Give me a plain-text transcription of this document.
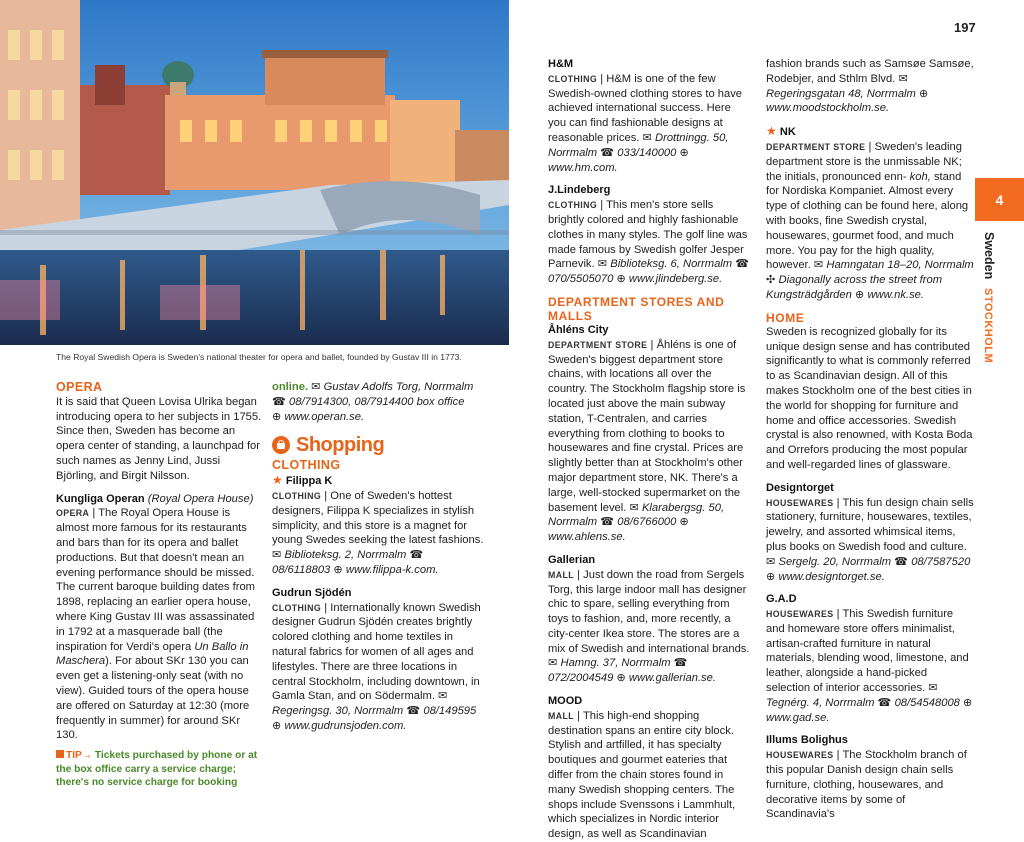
The Royal Swedish Opera is Sweden's national theater for opera and ballet, founded by Gustav III in 1773.
197
4
Sweden STOCKHOLM
OPERA

It is said that Queen Lovisa Ulrika began introducing opera to her subjects in 1755. Since then, Sweden has become an opera center of standing, a launchpad for such names as Jenny Lind, Jussi Björling, and Birgit Nilsson.

Kungliga Operan (Royal Opera House)
OPERA | The Royal Opera House is almost more famous for its restaurants and bars than for its opera and ballet productions. But that doesn't mean an evening performance should be missed. The current baroque building dates from 1898, replacing an earlier opera house, where King Gustav III was assassinated in 1792 at a masquerade ball (the inspiration for Verdi's opera Un Ballo in Maschera). For about SKr 130 you can even get a listening-only seat (with no view). Guided tours of the opera house are offered on Saturday at 12:30 (more frequently in summer) for around SKr 130.

TIP→ Tickets purchased by phone or at the box office carry a service charge; there's no service charge for booking

online. ✉ Gustav Adolfs Torg, Norrmalm
☎ 08/7914300, 08/7914400 box office
⊕ www.operan.se.

Shopping
CLOTHING

★ Filippa K
CLOTHING | One of Sweden's hottest designers, Filippa K specializes in stylish simplicity, and this store is a magnet for young Swedes seeking the latest fashions. ✉ Biblioteksg. 2, Norrmalm ☎ 08/6118803 ⊕ www.filippa-k.com.

Gudrun Sjödén
CLOTHING | Internationally known Swedish designer Gudrun Sjödén creates brightly colored clothing and home textiles in natural fabrics for women of all ages and lifestyles. There are three locations in central Stockholm, including downtown, in Gamla Stan, and on Södermalm. ✉ Regeringsg. 30, Norrmalm ☎ 08/149595 ⊕ www.gudrunsjoden.com.

H&M
CLOTHING | H&M is one of the few Swedish-owned clothing stores to have achieved international success. Here you can find fashionable designs at reasonable prices. ✉ Drottningg. 50, Norrmalm ☎ 033/140000 ⊕ www.hm.com.

J.Lindeberg
CLOTHING | This men's store sells brightly colored and highly fashionable clothes in many styles. The golf line was made famous by Swedish golfer Jesper Parnevik. ✉ Biblioteksg. 6, Norrmalm ☎ 070/5505070 ⊕ www.jlindeberg.se.

DEPARTMENT STORES AND MALLS

Åhléns City
DEPARTMENT STORE | Åhléns is one of Sweden's biggest department store chains, with locations all over the country. The Stockholm flagship store is located just above the main subway station, T-Centralen, and carries everything from clothing to books to housewares and fine crystal. Prices are slightly better than at Stockholm's other major department store, NK. There's a large, well-stocked supermarket on the basement level. ✉ Klarabergsg. 50, Norrmalm ☎ 08/6766000 ⊕ www.ahlens.se.

Gallerian
MALL | Just down the road from Sergels Torg, this large indoor mall has designer chic to spare, selling everything from toys to fashion, and, more recently, a city-center Ikea store. The stores are a mix of Swedish and international brands. ✉ Hamng. 37, Norrmalm ☎ 072/2004549 ⊕ www.gallerian.se.

MOOD
MALL | This high-end shopping destination spans an entire city block. Stylish and artfilled, it has specialty boutiques and gourmet eateries that differ from the chain stores found in many Swedish shopping centers. The shops include Svenssons i Lammhult, which specializes in Nordic interior design, as well as Scandinavian

fashion brands such as Samsøe Samsøe, Rodebjer, and Sthlm Blvd. ✉ Regeringsgatan 48, Norrmalm ⊕ www.moodstockholm.se.

★ NK
DEPARTMENT STORE | Sweden's leading department store is the unmissable NK; the initials, pronounced enn- koh, stand for Nordiska Kompaniet. Almost every type of clothing can be found here, along with books, fine Swedish crystal, housewares, gourmet food, and much more. You pay for the high quality, however. ✉ Hamngatan 18–20, Norrmalm ✣ Diagonally across the street from Kungsträdgården ⊕ www.nk.se.

HOME

Sweden is recognized globally for its unique design sense and has contributed significantly to what is commonly referred to as Scandinavian design. All of this makes Stockholm one of the best cities in the world for shopping for furniture and home and office accessories. Swedish crystal is also renowned, with Kosta Boda and Orrefors producing the most popular and well-regarded lines of glassware.

Designtorget
HOUSEWARES | This fun design chain sells stationery, furniture, housewares, textiles, jewelry, and assorted whimsical items, plus books on Swedish food and culture. ✉ Sergelg. 20, Norrmalm ☎ 08/7587520 ⊕ www.designtorget.se.

G.A.D
HOUSEWARES | This Swedish furniture and homeware store offers minimalist, artisan-crafted furniture in natural materials, blending wood, limestone, and leather, alongside a hand-picked selection of interior accessories. ✉ Tegnérg. 4, Norrmalm ☎ 08/54548008 ⊕ www.gad.se.

Illums Bolighus
HOUSEWARES | The Stockholm branch of this popular Danish design chain sells furniture, clothing, housewares, and decorative items by some of Scandinavia's
